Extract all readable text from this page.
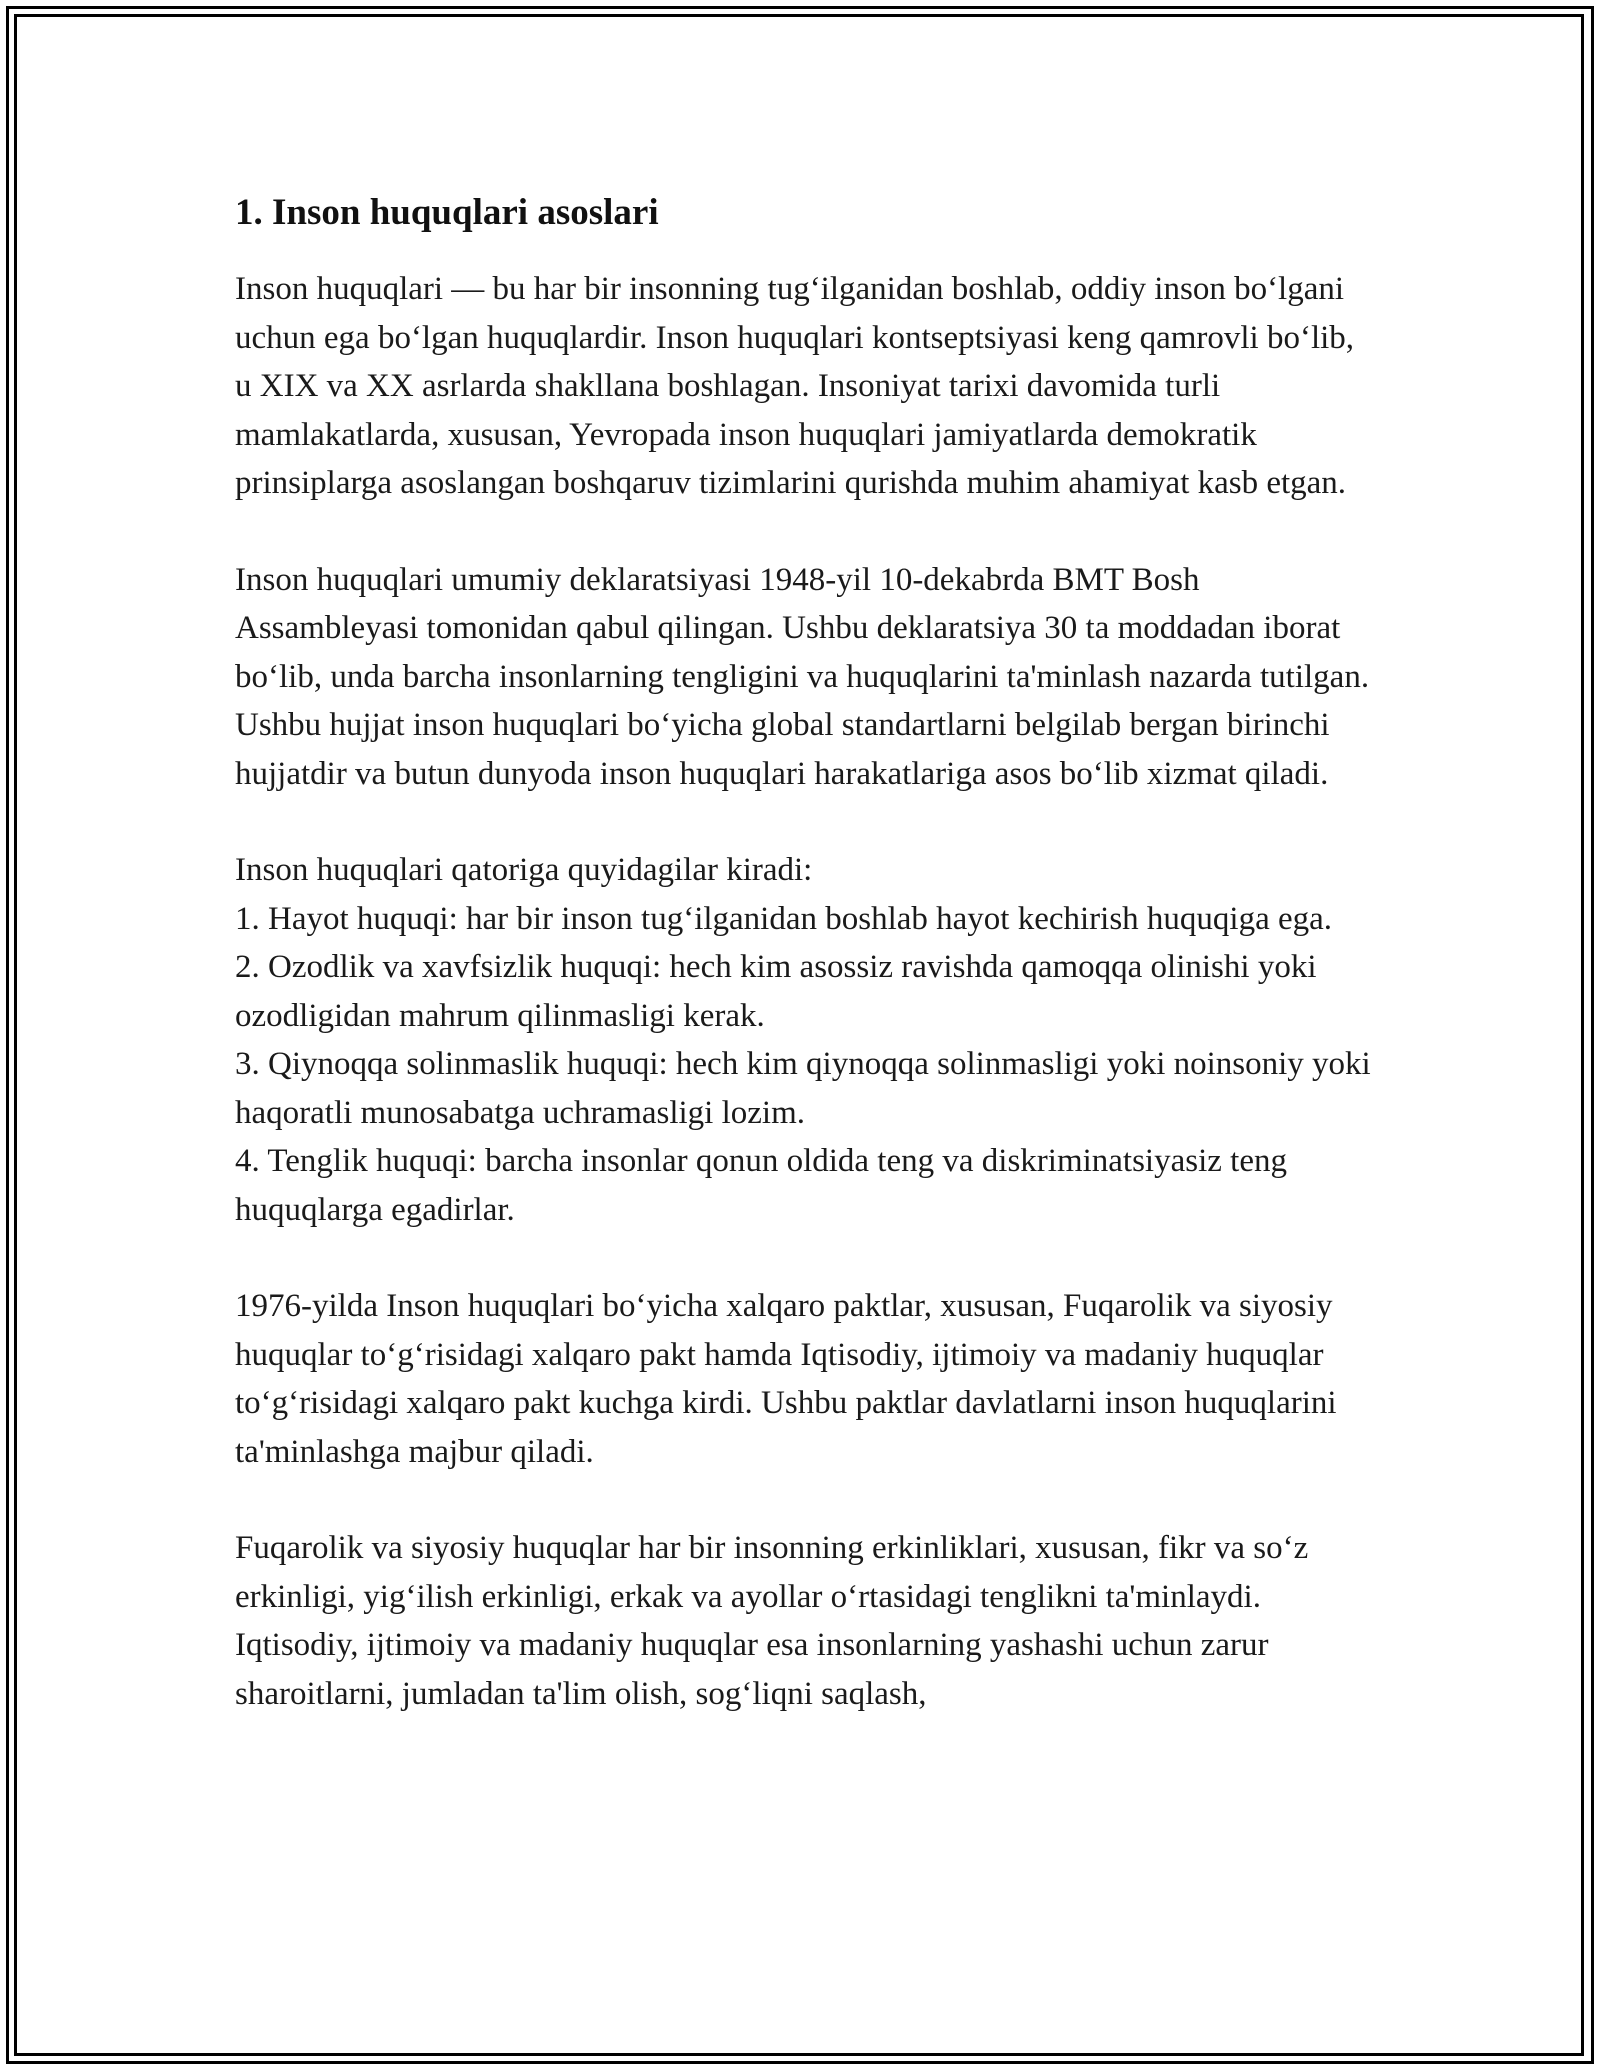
1. Inson huquqlari asoslari

Inson huquqlari — bu har bir insonning tug‘ilganidan boshlab, oddiy inson bo‘lgani uchun ega bo‘lgan huquqlardir. Inson huquqlari kontseptsiyasi keng qamrovli bo‘lib, u XIX va XX asrlarda shakllana boshlagan. Insoniyat tarixi davomida turli mamlakatlarda, xususan, Yevropada inson huquqlari jamiyatlarda demokratik prinsiplarga asoslangan boshqaruv tizimlarini qurishda muhim ahamiyat kasb etgan.

Inson huquqlari umumiy deklaratsiyasi 1948-yil 10-dekabrda BMT Bosh Assambleyasi tomonidan qabul qilingan. Ushbu deklaratsiya 30 ta moddadan iborat bo‘lib, unda barcha insonlarning tengligini va huquqlarini ta'minlash nazarda tutilgan. Ushbu hujjat inson huquqlari bo‘yicha global standartlarni belgilab bergan birinchi hujjatdir va butun dunyoda inson huquqlari harakatlariga asos bo‘lib xizmat qiladi.

Inson huquqlari qatoriga quyidagilar kiradi:

1. Hayot huquqi: har bir inson tug‘ilganidan boshlab hayot kechirish huquqiga ega.
2. Ozodlik va xavfsizlik huquqi: hech kim asossiz ravishda qamoqqa olinishi yoki ozodligidan mahrum qilinmasligi kerak.
3. Qiynoqqa solinmaslik huquqi: hech kim qiynoqqa solinmasligi yoki noinsoniy yoki haqoratli munosabatga uchramasligi lozim.
4. Tenglik huquqi: barcha insonlar qonun oldida teng va diskriminatsiyasiz teng huquqlarga egadirlar.

1976-yilda Inson huquqlari bo‘yicha xalqaro paktlar, xususan, Fuqarolik va siyosiy huquqlar to‘g‘risidagi xalqaro pakt hamda Iqtisodiy, ijtimoiy va madaniy huquqlar to‘g‘risidagi xalqaro pakt kuchga kirdi. Ushbu paktlar davlatlarni inson huquqlarini ta'minlashga majbur qiladi.

Fuqarolik va siyosiy huquqlar har bir insonning erkinliklari, xususan, fikr va so‘z erkinligi, yig‘ilish erkinligi, erkak va ayollar o‘rtasidagi tenglikni ta'minlaydi. Iqtisodiy, ijtimoiy va madaniy huquqlar esa insonlarning yashashi uchun zarur sharoitlarni, jumladan ta'lim olish, sog‘liqni saqlash,
